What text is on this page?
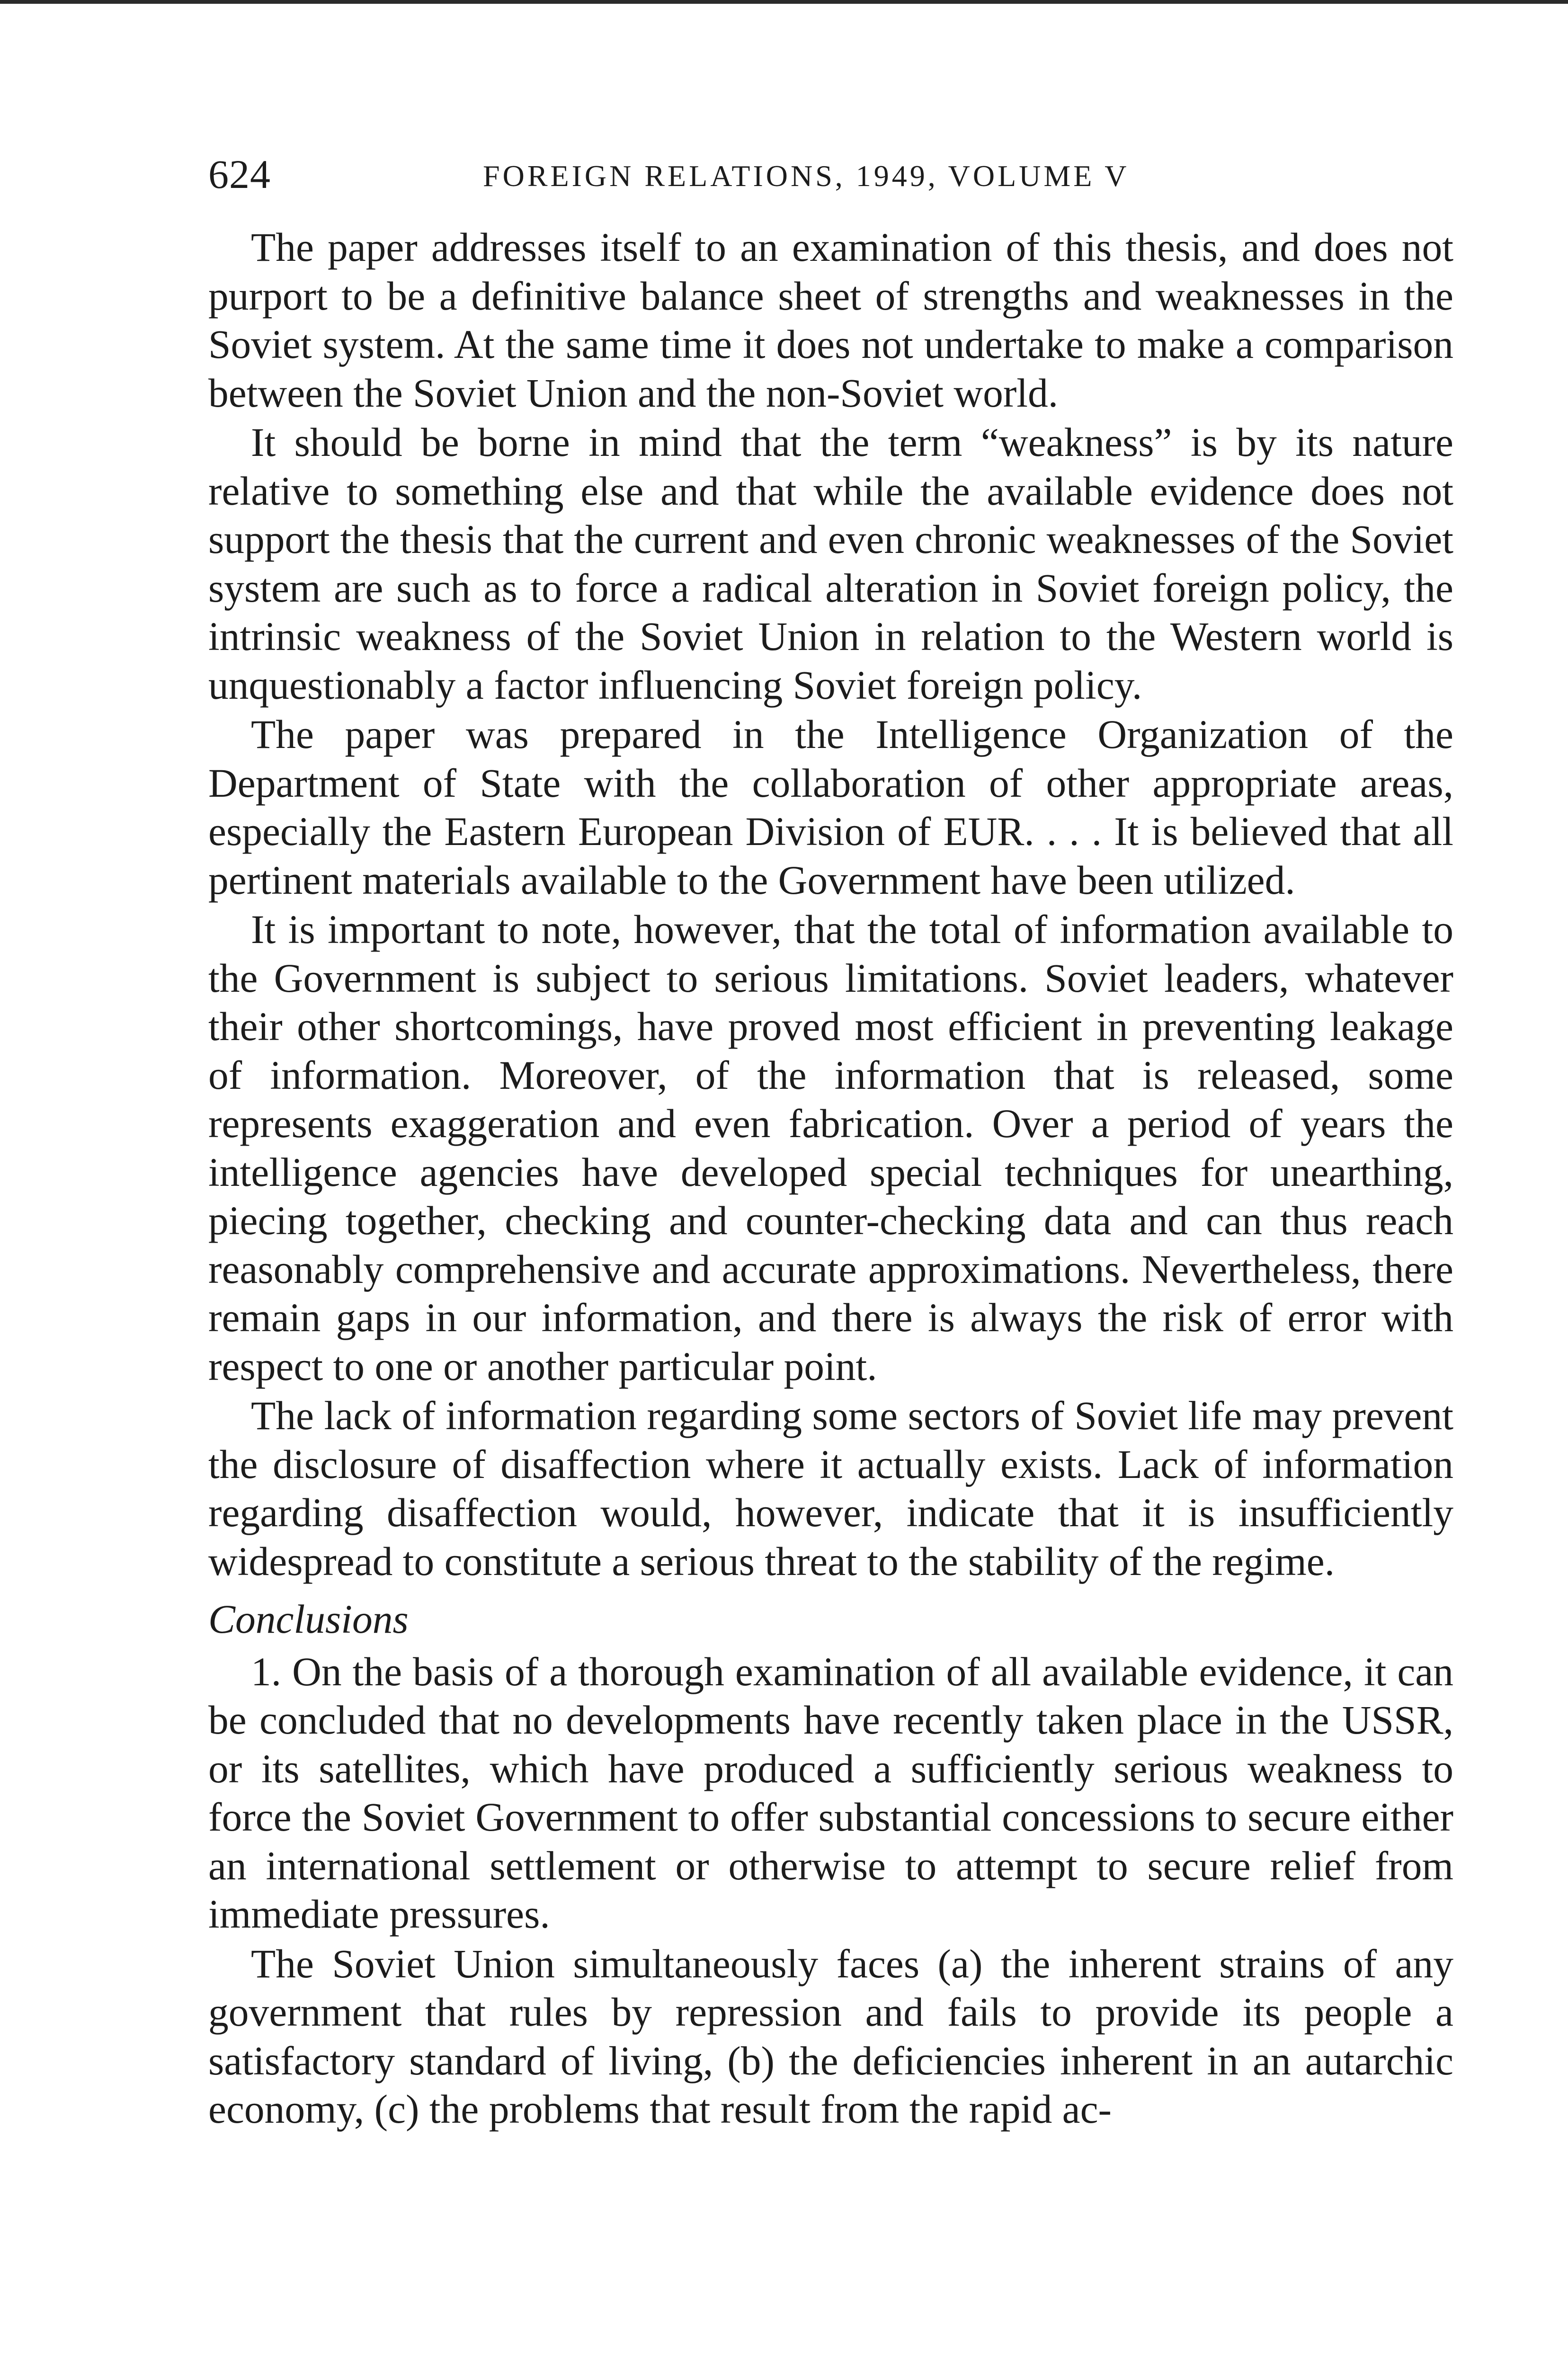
624	FOREIGN RELATIONS, 1949, VOLUME V

The paper addresses itself to an examination of this thesis, and does not purport to be a definitive balance sheet of strengths and weaknesses in the Soviet system. At the same time it does not undertake to make a comparison between the Soviet Union and the non-Soviet world.

It should be borne in mind that the term “weakness” is by its nature relative to something else and that while the available evidence does not support the thesis that the current and even chronic weaknesses of the Soviet system are such as to force a radical alteration in Soviet foreign policy, the intrinsic weakness of the Soviet Union in relation to the Western world is unquestionably a factor influencing Soviet foreign policy.

The paper was prepared in the Intelligence Organization of the Department of State with the collaboration of other appropriate areas, especially the Eastern European Division of EUR. . . . It is believed that all pertinent materials available to the Government have been utilized.

It is important to note, however, that the total of information available to the Government is subject to serious limitations. Soviet leaders, whatever their other shortcomings, have proved most efficient in preventing leakage of information. Moreover, of the information that is released, some represents exaggeration and even fabrication. Over a period of years the intelligence agencies have developed special techniques for unearthing, piecing together, checking and counter-checking data and can thus reach reasonably comprehensive and accurate approximations. Nevertheless, there remain gaps in our information, and there is always the risk of error with respect to one or another particular point.

The lack of information regarding some sectors of Soviet life may prevent the disclosure of disaffection where it actually exists. Lack of information regarding disaffection would, however, indicate that it is insufficiently widespread to constitute a serious threat to the stability of the regime.

Conclusions

1. On the basis of a thorough examination of all available evidence, it can be concluded that no developments have recently taken place in the USSR, or its satellites, which have produced a sufficiently serious weakness to force the Soviet Government to offer substantial concessions to secure either an international settlement or otherwise to attempt to secure relief from immediate pressures.

The Soviet Union simultaneously faces (a) the inherent strains of any government that rules by repression and fails to provide its people a satisfactory standard of living, (b) the deficiencies inherent in an autarchic economy, (c) the problems that result from the rapid ac-
